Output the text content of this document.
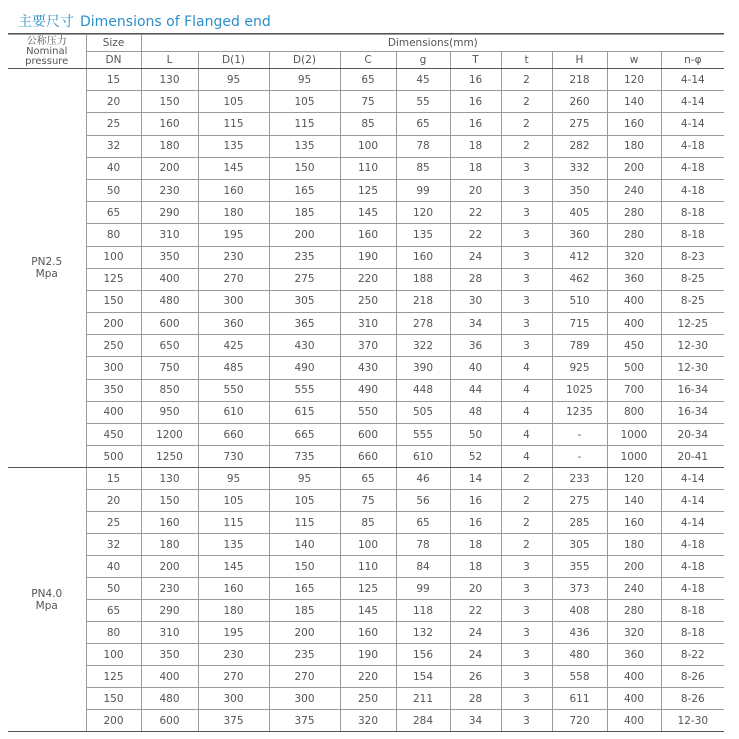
主要尺寸 Dimensions of Flanged end
公称压力
Nominal
pressure	Size	Dimensions(mm)									
	DN	L	D(1)	D(2)	C	g	T	t	H	w	n-φ

PN2.5
Mpa	15	130	95	95	65	45	16	2	218	120	4-14
	20	150	105	105	75	55	16	2	260	140	4-14
	25	160	115	115	85	65	16	2	275	160	4-14
	32	180	135	135	100	78	18	2	282	180	4-18
	40	200	145	150	110	85	18	3	332	200	4-18
	50	230	160	165	125	99	20	3	350	240	4-18
	65	290	180	185	145	120	22	3	405	280	8-18
	80	310	195	200	160	135	22	3	360	280	8-18
	100	350	230	235	190	160	24	3	412	320	8-23
	125	400	270	275	220	188	28	3	462	360	8-25
	150	480	300	305	250	218	30	3	510	400	8-25
	200	600	360	365	310	278	34	3	715	400	12-25
	250	650	425	430	370	322	36	3	789	450	12-30
	300	750	485	490	430	390	40	4	925	500	12-30
	350	850	550	555	490	448	44	4	1025	700	16-34
	400	950	610	615	550	505	48	4	1235	800	16-34
	450	1200	660	665	600	555	50	4	-	1000	20-34
	500	1250	730	735	660	610	52	4	-	1000	20-41

PN4.0
Mpa	15	130	95	95	65	46	14	2	233	120	4-14
	20	150	105	105	75	56	16	2	275	140	4-14
	25	160	115	115	85	65	16	2	285	160	4-14
	32	180	135	140	100	78	18	2	305	180	4-18
	40	200	145	150	110	84	18	3	355	200	4-18
	50	230	160	165	125	99	20	3	373	240	4-18
	65	290	180	185	145	118	22	3	408	280	8-18
	80	310	195	200	160	132	24	3	436	320	8-18
	100	350	230	235	190	156	24	3	480	360	8-22
	125	400	270	270	220	154	26	3	558	400	8-26
	150	480	300	300	250	211	28	3	611	400	8-26
	200	600	375	375	320	284	34	3	720	400	12-30
